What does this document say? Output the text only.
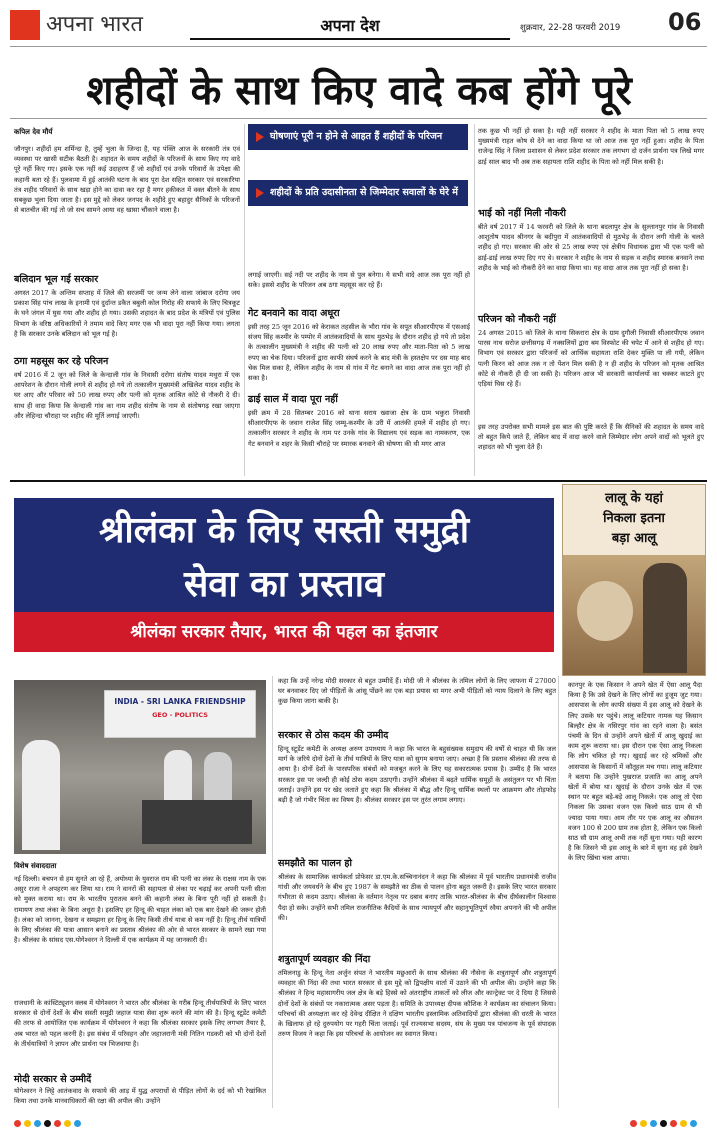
अपना भारत	अपना देश	शुक्रवार, 22-28 फरवरी 2019 06
शहीदों के साथ किए वादे कब होंगे पूरे
कपिल देव मौर्य	घोषणाएं पूरी न होने से आहत हैं शहीदों के परिजन
शहीदों के प्रति उदासीनता से जिम्मेदार सवालों के घेरे में
जौनपुर। शहीदों हम शर्मिन्दा है, तुम्हें भुला के जिन्दा है, यह पंक्ति आज के सरकारी तंत्र एवं व्यवस्था पर खासी सटीक बैठती है। शहादत के समय शहीदों के परिजनों के साथ किए गए वादे पूरे नहीं किए गए। इसके एक नहीं कई उदाहरण हैं जो शहीदों एवं उनके परिवारों के उपेक्षा की कहानी बता रहे हैं। पुलवामा में हुई आतंकी घटना के बाद पूरा देश सहित सरकार एवं सरकारिया तंत्र शहीद परिवारों के साथ खड़ा होने का दावा कर रहा है मगर हकीकत में वक्त बीतने के साथ सबकुछ भुला दिया जाता है। इस मुद्दे को लेकर जनपद के शहीदे हुए बहादुर सैनिकों के परिजनों से बातचीत की गई तो जो सच सामने आया वह खासा चौंकाने वाला है।
बलिदान भूल गई सरकार
अगस्त 2017 के अन्तिम सप्ताह में जिले की सरजमीं पर जन्म लेने वाला जांबाज दरोगा जय प्रकाश सिंह पांच लाख के इनामी एवं दुर्दान्त डकैत बबुली कोल गिरोह की सफाये के लिए चित्रकूट के घने जंगल में घुस गया और शहीद हो गया। उसकी शहादत के बाद प्रदेश के मंत्रियों एवं पुलिस विभाग के वरिष्ठ अधिकारियों ने तमाम वादे किए मगर एक भी वादा पूरा नहीं किया गया। लगता है कि सरकार उनके बलिदान को भूल गई है।
ठगा महसूस कर रहे परिजन
वर्ष 2016 में 2 जून को जिले के केन्दाली गांव के निवासी दरोगा संतोष यादव मथुरा में एक आपरेशन के दौरान गोली लगने से शहीद हो गये तो तत्कालीन मुख्यमंत्री अखिलेश यादव शहीद के घर आए और परिवार को 50 लाख रुपए और पत्नी को मृतक आश्रित कोटे से नौकरी दे दी। साथ ही वादा किया कि केन्दाली गांव का नाम शहीद संतोष के नाम से संतोषगढ़ रखा जाएगा और लेहिन्दा चौराहा पर शहीद की मूर्ति लगाई जाएगी।
लगाई जाएगी। सई नदी पर शहीद के नाम से पुल बनेगा। ये सभी वादे आज तक पूरा नहीं हो सके। इससे शहीद के परिजन अब ठगा महसूस कर रहे हैं।
गेट बनवाने का वादा अधूरा
इसी तरह 25 जून 2016 को केराकत तहसील के भौरा गांव के सपूत सीआरपीएफ में एसआई संजय सिंह कश्मीर के पम्पोर में आतंकवादियों के साथ मुठभेड़ के दौरान शहीद हो गये तो प्रदेश के तत्कालीन मुख्यमंत्री ने शहीद की पत्नी को 20 लाख रुपए और माता-पिता को 5 लाख रुपए का चेक दिया। परिजनों द्वारा काफी संघर्ष करने के बाद मंत्री के हस्तक्षेप पर दस माह बाद चेक मिल सका है, लेकिन शहीद के नाम से गांव में गेट बनाने का वादा आज तक पूरा नहीं हो सका है।
ढाई साल में वादा पूरा नहीं
इसी क्रम में 28 सितम्बर 2016 को थाना सराय ख्वाजा क्षेत्र के ग्राम भकुरा निवासी सीआरपीएफ के जवान राजेश सिंह जम्मू-कश्मीर के उरी में आतंकी हमले में शहीद हो गए। तत्कालीन सरकार ने शहीद के नाम पर उनके गांव के विद्यालय एवं सड़क का नामकरण, एक गेट बनवाने व शहर के किसी चौराहे पर स्मारक बनवाने की घोषणा की थी मगर आज
तक कुछ भी नहीं हो सका है। यही नहीं सरकार ने शहीद के माता पिता को 5 लाख रुपए मुख्यमंत्री राहत कोष से देने का वादा किया था जो आज तक पूरा नहीं हुआ। शहीद के पिता राजेन्द्र सिंह ने जिला प्रशासन से लेकर प्रदेश सरकार तक लगभग दो दर्जन प्रार्थना पत्र लिखे मगर ढाई साल बाद भी अब तक सहायता राशि शहीद के पिता को नहीं मिल सकी है।
भाई को नहीं मिली नौकरी
बीते वर्ष 2017 में 14 फरवरी को जिले के थाना बदलापुर क्षेत्र के सुल्तानपुर गांव के निवासी आशुतोष यादव श्रीनगर के बदीपुरा में आतंकवादियों से मुठभेड़ के दौरान लगी गोली के चलते शहीद हो गए। सरकार की ओर से 25 लाख रुपए एवं क्षेत्रीय विधायक द्वारा भी एक पत्नी को ढाई-ढाई लाख रुपए दिए गए थे। सरकार ने शहीद के नाम से सड़क व शहीद स्मारक बनवाने तथा शहीद के भाई को नौकरी देने का वादा किया था। यह वादा आज तक पूरा नहीं हो सका है।
परिजन को नौकरी नहीं
24 अगस्त 2015 को जिले के थाना सिकरारा क्षेत्र के ग्राम दुगौली निवासी सीआरपीएफ जवान पारस नाथ सरोज छत्तीसगढ़ में नक्सलियों द्वारा बम विस्फोट की चपेट में आने से शहीद हो गए। विभाग एवं सरकार द्वारा परिजनों को आर्थिक सहायता राशि देकर मुक्ति पा ली गयी, लेकिन पत्नी किरन को आज तक न तो पेंशन मिल सकी है न ही शहीद के परिजन को मृतक आश्रित कोटे से नौकरी ही दी जा सकी है। परिजन आज भी सरकारी कार्यालयों का चक्कर काटते हुए एड़ियां घिस रहे हैं।
इस तरह उपरोक्त सभी मामले इस बात की पुष्टि करते हैं कि सैनिकों की शहादत के समय वादे तो बहुत किये जाते हैं, लेकिन बाद में वादा करने वाले जिम्मेदार लोग अपने वादों को भूलते हुए शहादत को भी भुला देते हैं।
श्रीलंका के लिए सस्ती समुद्री
सेवा का प्रस्ताव
श्रीलंका सरकार तैयार, भारत की पहल का इंतजार
INDIA - SRI LANKA FRIENDSHIP
GEO - POLITICS
विशेष संवाददाता
नई दिल्ली। बचपन से हम सुनते आ रहे हैं, अयोध्या के युवराज राम की पत्नी का लंका के राक्षस नाम के एक असुर राजा ने अपहरण कर लिया था। राम ने वानरों की सहायता से लंका पर चढ़ाई कर अपनी पत्नी सीता को मुक्त कराया था। राम के भारतीय पुरातत्व बनने की कहानी लंका के बिना पूरी नहीं हो सकती है। रामायण तथा लंका के बिना अधूरा है। इसलिए हर हिन्दू की चाहत लंका को एक बार देखने की जरूर होती है। लंका को जानना, देखना व समझना हर हिन्दू के लिए किसी तीर्थ यात्रा से कम नहीं है। हिन्दू तीर्थ यात्रियों के लिए श्रीलंका की यात्रा आसान बनाने का प्रस्ताव श्रीलंका की ओर से भारत सरकार के सामने रखा गया है। श्रीलंका के सांसद एस.योगेश्वरन ने दिल्ली में एक कार्यक्रम में यह जानकारी दी।
राजधानी के कांस्टिट्यूशन क्लब में योगेश्वरन ने भारत और श्रीलंका के गरीब हिन्दू तीर्थयात्रियों के लिए भारत सरकार से दोनों देशों के बीच सस्ती समुद्री जहाज यात्रा सेवा शुरू करने की मांग की है। हिन्दू स्टूडेंट कमेटी की तरफ से आयोजित एक कार्यक्रम में योगेश्वरन ने कहा कि श्रीलंका सरकार इसके लिए लगभग तैयार है, अब भारत को पहल करनी है। इस संबंध में परिवहन और जहाजरानी मंत्री नितिन गडकरी को भी दोनों देशों के तीर्थयात्रियों ने ज्ञापन और प्रार्थना पत्र भिजवाया है।
मोदी सरकार से उम्मीदें
योगेश्वरन ने लिट्टे आतंकवाद के सफाये की आड़ में युद्ध अपराधों से पीड़ित लोगों के दर्द को भी रेखांकित किया तथा उनके मानवाधिकारों की रक्षा की अपील की। उन्होंने
कहा कि उन्हें नरेन्द्र मोदी सरकार से बहुत उम्मीदें हैं। मोदी जी ने श्रीलंका के तमिल लोगों के लिए जाफना में 27000 घर बनवाकर दिए जो पीड़ितों के आंसू पोंछने का एक बड़ा प्रयास था मगर अभी पीड़ितों को न्याय दिलाने के लिए बहुत कुछ किया जाना बाकी है।
सरकार से ठोस कदम की उम्मीद
हिन्दू स्टूडेंट कमेटी के अध्यक्ष अरुण उपाध्याय ने कहा कि भारत के बहुसंख्यक समुदाय की वर्षों से चाहत थी कि जल मार्ग के जरिये दोनों देशों के तीर्थ यात्रियों के लिए यात्रा को सुगम बनाया जाए। अच्छा है कि प्रस्ताव श्रीलंका की तरफ से आया है। दोनों देशों के पारस्परिक संबंधों को मजबूत करने के लिए यह सकारात्मक प्रयास है। उम्मीद है कि भारत सरकार इस पर जल्दी ही कोई ठोस कदम उठाएगी। उन्होंने श्रीलंका में बढ़ते धार्मिक समूहों के असंतुलन पर भी चिंता जताई। उन्होंने इस पर खेद जताते हुए कहा कि श्रीलंका में बौद्ध और हिन्दू धार्मिक स्थलों पर आक्रमण और तोड़फोड़ बढ़ी है जो गंभीर चिंता का विषय है। श्रीलंका सरकार इस पर तुरंत लगाम लगाए।
समझौते का पालन हो
श्रीलंका के सामाजिक कार्यकर्ता प्रोफेसर डा.एम.के.सच्चिनानंदन ने कहा कि श्रीलंका में पूर्व भारतीय प्रधानमंत्री राजीव गांधी और जयवर्धने के बीच हुए 1987 के समझौते का ठीक से पालन होना बहुत जरूरी है। इसके लिए भारत सरकार गंभीरता से कदम उठाए। श्रीलंका के वर्तमान नेतृत्व पर दबाव बनाए ताकि भारत-श्रीलंका के बीच दीर्घकालीन विश्वास पैदा हो सके। उन्होंने सभी तमिल राजनीतिक कैदियों के साथ न्यायपूर्ण और सहानुभूतिपूर्ण रवैया अपनाने की भी अपील की।
शत्रुतापूर्ण व्यवहार की निंदा
तमिलनाडु के हिन्दू नेता अर्जुन संपत ने भारतीय मछुआरों के साथ श्रीलंका की नौसेना के शत्रुतापूर्ण और शत्रुतापूर्ण व्यवहार की निंदा की तथा भारत सरकार से इस मुद्दे को द्विपक्षीय वार्ता में उठाने की भी अपील की। उन्होंने कहा कि श्रीलंका ने हिन्द महासागरीय जल क्षेत्र के बड़े हिस्से को अंतराष्ट्रीय ताकतों को लीज और कान्ट्रेक्ट पर दे दिया है जिससे दोनों देशों के संबंधों पर नकारात्मक असर पड़ता है। समिति के उपाध्यक्ष दीपक कौशिक ने कार्यक्रम का संचालन किया। परिचर्चा की अध्यक्षता कर रहे देवेन्द्र दीक्षित ने दक्षिण भारतीय इस्लामिक अतिवादियों द्वारा श्रीलंका की धरती के भारत के खिलाफ हो रहे दुरुपयोग पर गहरी चिंता जताई। पूर्व राज्यसभा सदस्य, संघ के मुख्य पत्र पांचजन्य के पूर्व संपादक तरुण विजय ने कहा कि इस परिचर्चा के आयोजन का स्वागत किया।
लालू के यहां
निकला इतना
बड़ा आलू
कानपुर के एक किसान ने अपने खेत में ऐसा आलू पैदा किया है कि उसे देखने के लिए लोगों का हुजूम जुट गया। आसपास के लोग काफी संख्या में इस आलू को देखने के लिए उसके घर पहुंचे। लालू कटियार नामक यह किसान बिल्हौर क्षेत्र के नसिरपुर गांव का रहने वाला है। बसंत पंचमी के दिन से उन्होंने अपने खेतों में आलू खुदाई का काम शुरू कराया था। इस दौरान एक ऐसा आलू निकला कि लोग चकित हो गए। खुदाई कर रहे श्रमिकों और आसपास के किसानों में कौतूहल मच गया। लालू कटियार ने बताया कि उन्होंने पुखराज प्रजाति का आलू अपने खेतों में बोया था। खुदाई के दौरान उनके खेत में एक स्थान पर बहुत बड़े-बड़े आलू निकले। एक आलू तो ऐसा निकला कि उसका वजन एक किलो साठ ग्राम से भी ज्यादा पाया गया। आम तौर पर एक आलू का औसतन वजन 100 से 200 ग्राम तक होता है, लेकिन एक किलो साठ सौ ग्राम आलू अभी तक नहीं सुना गया। यही कारण है कि जिसने भी इस आलू के बारे में सुना वह इसे देखने के लिए खिंचा चला आया।
